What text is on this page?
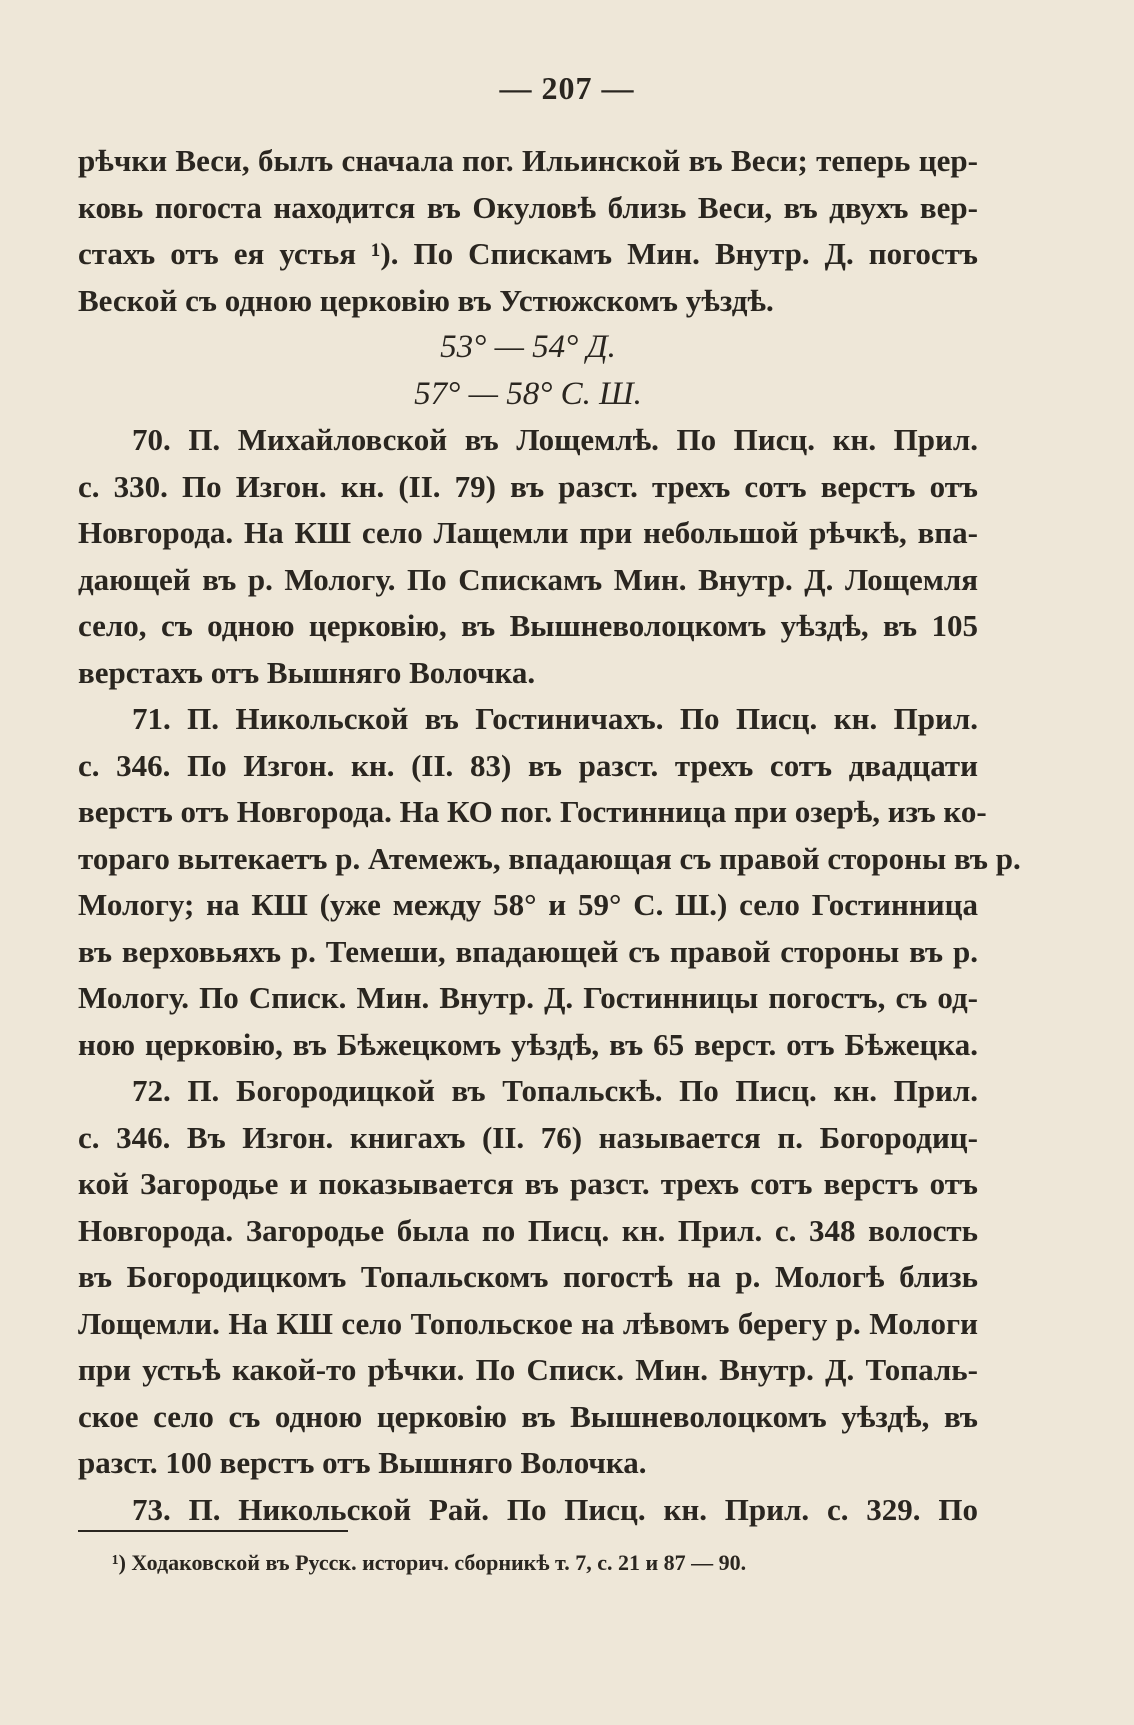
— 207 —
рѣчки Веси, былъ сначала пог. Ильинской въ Веси; теперь цер-
ковь погоста находится въ Окуловѣ близь Веси, въ двухъ вер-
стахъ отъ ея устья ¹). По Спискамъ Мин. Внутр. Д. погостъ
Веской съ одною церковію въ Устюжскомъ уѣздѣ.
53° — 54° Д.
57° — 58° С. Ш.
70. П. Михайловской въ Лощемлѣ. По Писц. кн. Прил.
с. 330. По Изгон. кн. (II. 79) въ разст. трехъ сотъ верстъ отъ
Новгорода. На КШ село Лащемли при небольшой рѣчкѣ, впа-
дающей въ р. Мологу. По Спискамъ Мин. Внутр. Д. Лощемля
село, съ одною церковію, въ Вышневолоцкомъ уѣздѣ, въ 105
верстахъ отъ Вышняго Волочка.
71. П. Никольской въ Гостиничахъ. По Писц. кн. Прил.
с. 346. По Изгон. кн. (II. 83) въ разст. трехъ сотъ двадцати
верстъ отъ Новгорода. На КО пог. Гостинница при озерѣ, изъ ко-
тораго вытекаетъ р. Атемежъ, впадающая съ правой стороны въ р.
Мологу; на КШ (уже между 58° и 59° С. Ш.) село Гостинница
въ верховьяхъ р. Темеши, впадающей съ правой стороны въ р.
Мологу. По Списк. Мин. Внутр. Д. Гостинницы погостъ, съ од-
ною церковію, въ Бѣжецкомъ уѣздѣ, въ 65 верст. отъ Бѣжецка.
72. П. Богородицкой въ Топальскѣ. По Писц. кн. Прил.
с. 346. Въ Изгон. книгахъ (II. 76) называется п. Богородиц-
кой Загородье и показывается въ разст. трехъ сотъ верстъ отъ
Новгорода. Загородье была по Писц. кн. Прил. с. 348 волость
въ Богородицкомъ Топальскомъ погостѣ на р. Мологѣ близь
Лощемли. На КШ село Топольское на лѣвомъ берегу р. Мологи
при устьѣ какой-то рѣчки. По Списк. Мин. Внутр. Д. Топаль-
ское село съ одною церковію въ Вышневолоцкомъ уѣздѣ, въ
разст. 100 верстъ отъ Вышняго Волочка.
73. П. Никольской Рай. По Писц. кн. Прил. с. 329. По
¹) Ходаковской въ Русск. историч. сборникѣ т. 7, с. 21 и 87 — 90.
